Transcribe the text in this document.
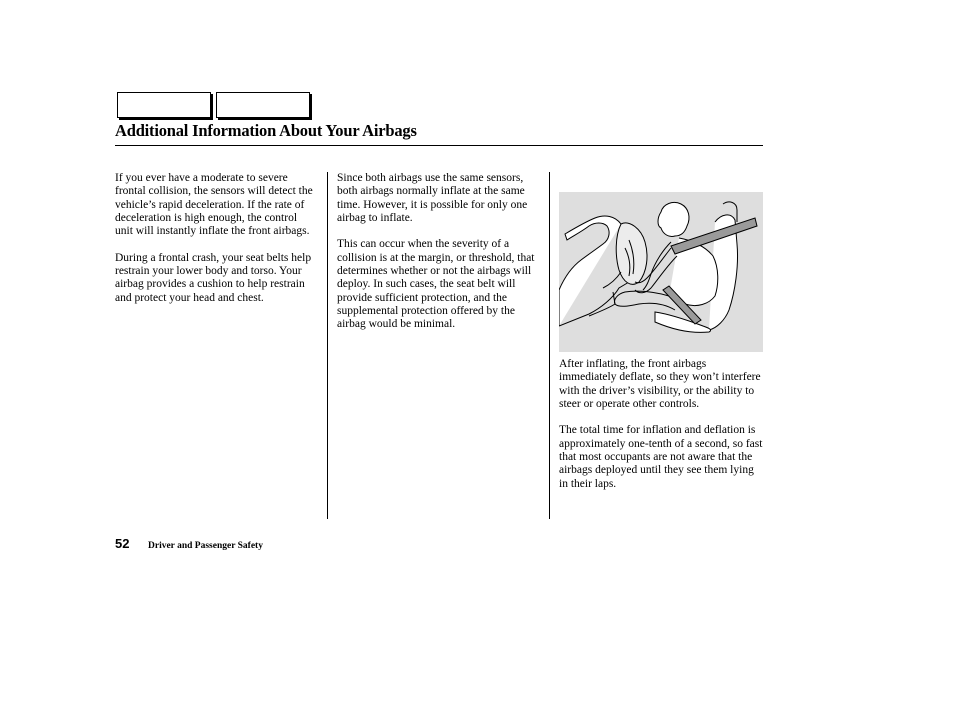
Additional Information About Your Airbags

If you ever have a moderate to severe frontal collision, the sensors will detect the vehicle’s rapid deceleration. If the rate of deceleration is high enough, the control unit will instantly inflate the front airbags.

During a frontal crash, your seat belts help restrain your lower body and torso. Your airbag provides a cushion to help restrain and protect your head and chest.

Since both airbags use the same sensors, both airbags normally inflate at the same time. However, it is possible for only one airbag to inflate.

This can occur when the severity of a collision is at the margin, or threshold, that determines whether or not the airbags will deploy. In such cases, the seat belt will provide sufficient protection, and the supplemental protection offered by the airbag would be minimal.

After inflating, the front airbags immediately deflate, so they won’t interfere with the driver’s visibility, or the ability to steer or operate other controls.

The total time for inflation and deflation is approximately one-tenth of a second, so fast that most occupants are not aware that the airbags deployed until they see them lying in their laps.

52 Driver and Passenger Safety
